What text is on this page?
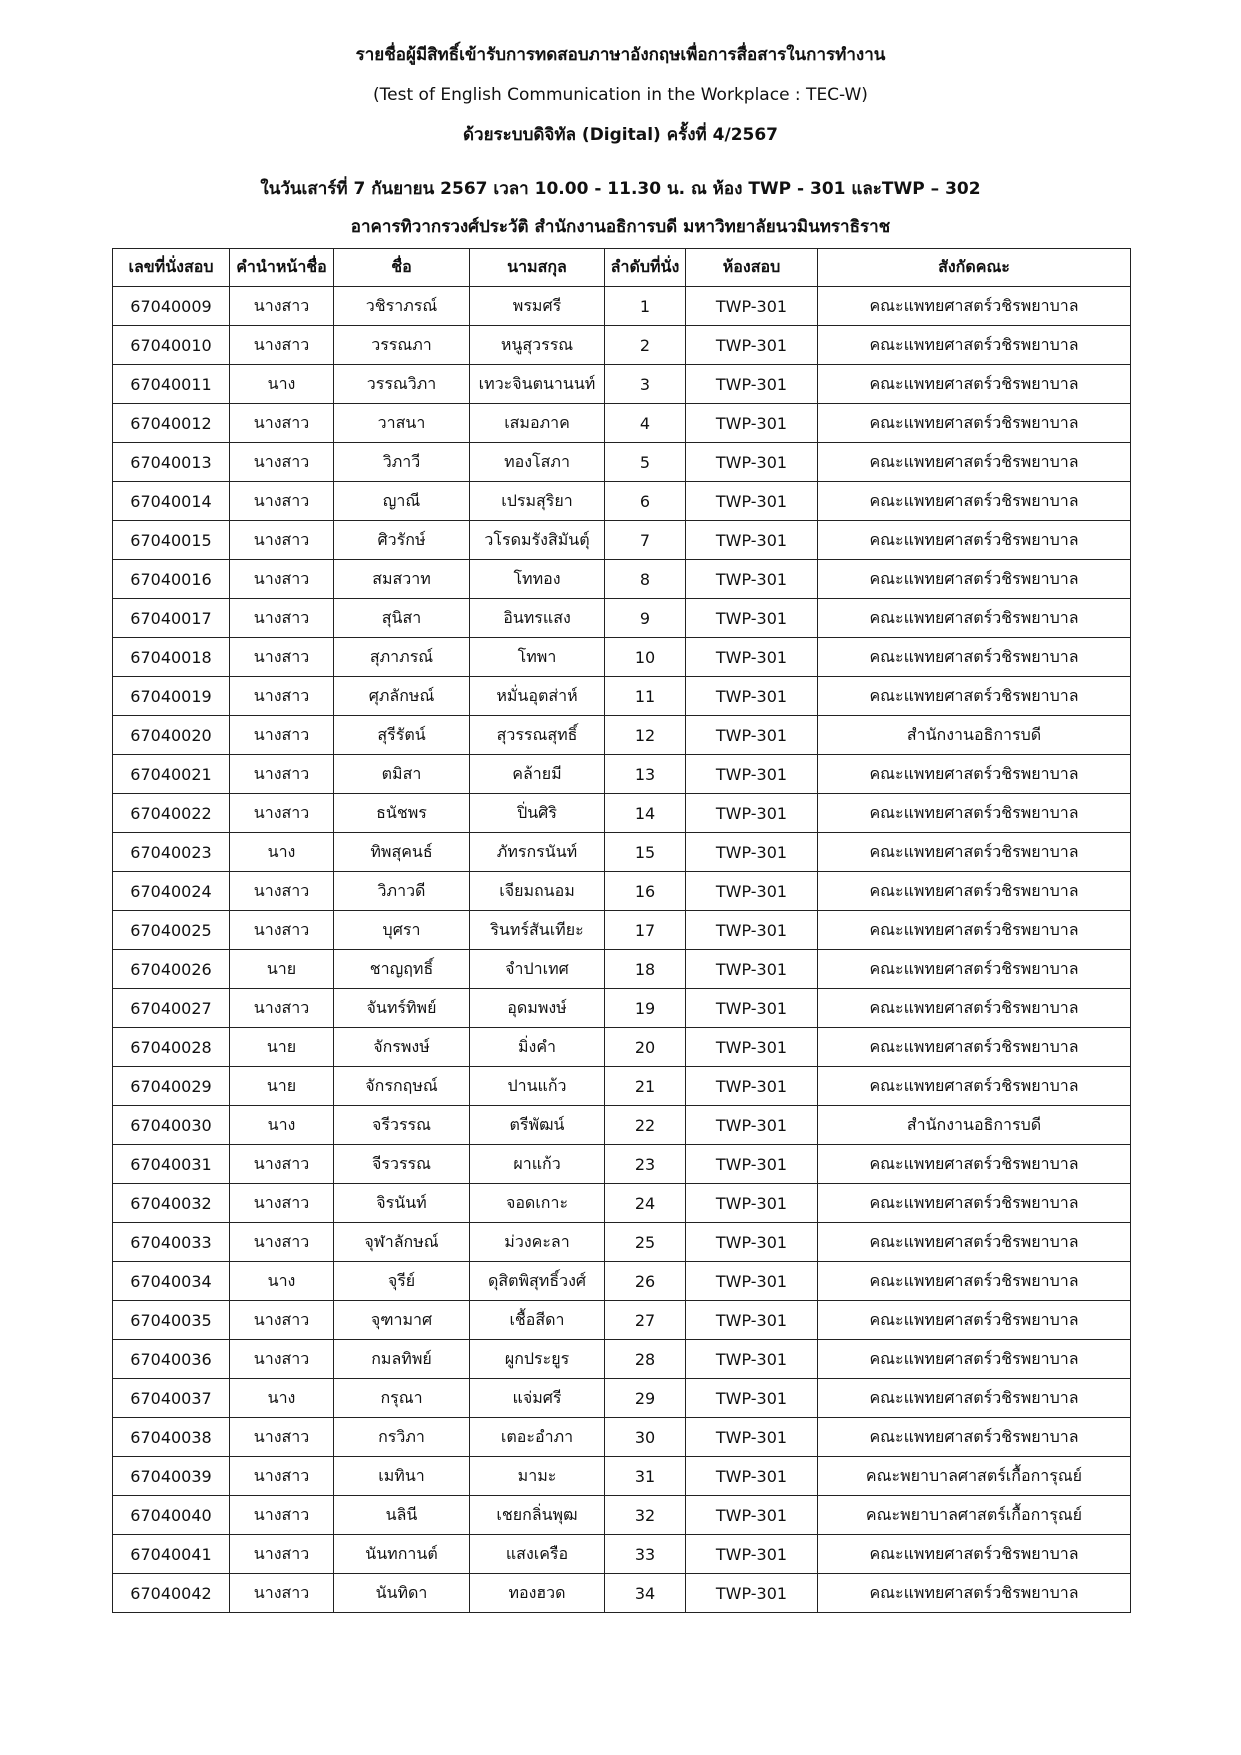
รายชื่อผู้มีสิทธิ์เข้ารับการทดสอบภาษาอังกฤษเพื่อการสื่อสารในการทำงาน

(Test of English Communication in the Workplace : TEC-W)

ด้วยระบบดิจิทัล (Digital) ครั้งที่ 4/2567

ในวันเสาร์ที่ 7 กันยายน 2567 เวลา 10.00 - 11.30 น. ณ ห้อง TWP - 301 และTWP – 302

อาคารทิวากรวงศ์ประวัติ สำนักงานอธิการบดี มหาวิทยาลัยนวมินทราธิราช

เลขที่นั่งสอบ	คำนำหน้าชื่อ	ชื่อ	นามสกุล	ลำดับที่นั่ง	ห้องสอบ	สังกัดคณะ
67040009	นางสาว	วชิราภรณ์	พรมศรี	1	TWP-301	คณะแพทยศาสตร์วชิรพยาบาล
67040010	นางสาว	วรรณภา	หนูสุวรรณ	2	TWP-301	คณะแพทยศาสตร์วชิรพยาบาล
67040011	นาง	วรรณวิภา	เทวะจินตนานนท์	3	TWP-301	คณะแพทยศาสตร์วชิรพยาบาล
67040012	นางสาว	วาสนา	เสมอภาค	4	TWP-301	คณะแพทยศาสตร์วชิรพยาบาล
67040013	นางสาว	วิภาวี	ทองโสภา	5	TWP-301	คณะแพทยศาสตร์วชิรพยาบาล
67040014	นางสาว	ญาณี	เปรมสุริยา	6	TWP-301	คณะแพทยศาสตร์วชิรพยาบาล
67040015	นางสาว	ศิวรักษ์	วโรดมรังสิมันตุ์	7	TWP-301	คณะแพทยศาสตร์วชิรพยาบาล
67040016	นางสาว	สมสวาท	โททอง	8	TWP-301	คณะแพทยศาสตร์วชิรพยาบาล
67040017	นางสาว	สุนิสา	อินทรแสง	9	TWP-301	คณะแพทยศาสตร์วชิรพยาบาล
67040018	นางสาว	สุภาภรณ์	โทพา	10	TWP-301	คณะแพทยศาสตร์วชิรพยาบาล
67040019	นางสาว	ศุภลักษณ์	หมั่นอุตส่าห์	11	TWP-301	คณะแพทยศาสตร์วชิรพยาบาล
67040020	นางสาว	สุรีรัตน์	สุวรรณสุทธิ์	12	TWP-301	สำนักงานอธิการบดี
67040021	นางสาว	ตมิสา	คล้ายมี	13	TWP-301	คณะแพทยศาสตร์วชิรพยาบาล
67040022	นางสาว	ธนัชพร	ปิ่นศิริ	14	TWP-301	คณะแพทยศาสตร์วชิรพยาบาล
67040023	นาง	ทิพสุคนธ์	ภัทรกรนันท์	15	TWP-301	คณะแพทยศาสตร์วชิรพยาบาล
67040024	นางสาว	วิภาวดี	เจียมถนอม	16	TWP-301	คณะแพทยศาสตร์วชิรพยาบาล
67040025	นางสาว	บุศรา	รินทร์สันเทียะ	17	TWP-301	คณะแพทยศาสตร์วชิรพยาบาล
67040026	นาย	ชาญฤทธิ์	จำปาเทศ	18	TWP-301	คณะแพทยศาสตร์วชิรพยาบาล
67040027	นางสาว	จันทร์ทิพย์	อุดมพงษ์	19	TWP-301	คณะแพทยศาสตร์วชิรพยาบาล
67040028	นาย	จักรพงษ์	มิ่งคำ	20	TWP-301	คณะแพทยศาสตร์วชิรพยาบาล
67040029	นาย	จักรกฤษณ์	ปานแก้ว	21	TWP-301	คณะแพทยศาสตร์วชิรพยาบาล
67040030	นาง	จรีวรรณ	ตรีพัฒน์	22	TWP-301	สำนักงานอธิการบดี
67040031	นางสาว	จีรวรรณ	ผาแก้ว	23	TWP-301	คณะแพทยศาสตร์วชิรพยาบาล
67040032	นางสาว	จิรนันท์	จอดเกาะ	24	TWP-301	คณะแพทยศาสตร์วชิรพยาบาล
67040033	นางสาว	จุฬาลักษณ์	ม่วงคะลา	25	TWP-301	คณะแพทยศาสตร์วชิรพยาบาล
67040034	นาง	จุรีย์	ดุสิตพิสุทธิ์วงศ์	26	TWP-301	คณะแพทยศาสตร์วชิรพยาบาล
67040035	นางสาว	จุฑามาศ	เชื้อสีดา	27	TWP-301	คณะแพทยศาสตร์วชิรพยาบาล
67040036	นางสาว	กมลทิพย์	ผูกประยูร	28	TWP-301	คณะแพทยศาสตร์วชิรพยาบาล
67040037	นาง	กรุณา	แจ่มศรี	29	TWP-301	คณะแพทยศาสตร์วชิรพยาบาล
67040038	นางสาว	กรวิภา	เตอะอำภา	30	TWP-301	คณะแพทยศาสตร์วชิรพยาบาล
67040039	นางสาว	เมทินา	มามะ	31	TWP-301	คณะพยาบาลศาสตร์เกื้อการุณย์
67040040	นางสาว	นลินี	เชยกลิ่นพุฒ	32	TWP-301	คณะพยาบาลศาสตร์เกื้อการุณย์
67040041	นางสาว	นันทกานต์	แสงเครือ	33	TWP-301	คณะแพทยศาสตร์วชิรพยาบาล
67040042	นางสาว	นันทิดา	ทองฮวด	34	TWP-301	คณะแพทยศาสตร์วชิรพยาบาล
